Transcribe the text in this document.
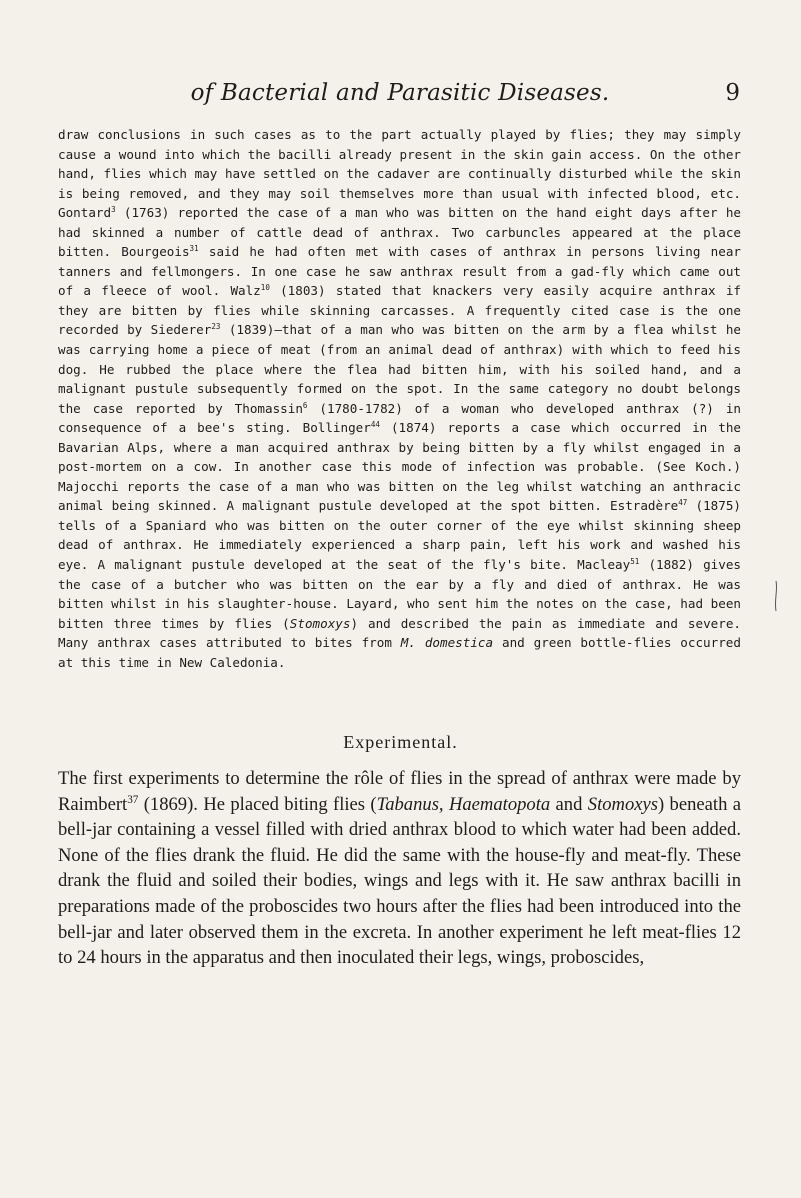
of Bacterial and Parasitic Diseases.	9

draw conclusions in such cases as to the part actually played by flies; they may simply cause a wound into which the bacilli already present in the skin gain access. On the other hand, flies which may have settled on the cadaver are continually disturbed while the skin is being removed, and they may soil themselves more than usual with infected blood, etc. Gontard$^3$ (1763) reported the case of a man who was bitten on the hand eight days after he had skinned a number of cattle dead of anthrax. Two carbuncles appeared at the place bitten. Bourgeois$^{31}$ said he had often met with cases of anthrax in persons living near tanners and fellmongers. In one case he saw anthrax result from a gad-fly which came out of a fleece of wool. Walz$^{10}$ (1803) stated that knackers very easily acquire anthrax if they are bitten by flies while skinning carcasses. A frequently cited case is the one recorded by Siederer$^{23}$ (1839)—that of a man who was bitten on the arm by a flea whilst he was carrying home a piece of meat (from an animal dead of anthrax) with which to feed his dog. He rubbed the place where the flea had bitten him, with his soiled hand, and a malignant pustule subsequently formed on the spot. In the same category no doubt belongs the case reported by Thomassin$^6$ (1780-1782) of a woman who developed anthrax (?) in consequence of a bee's sting. Bollinger$^{44}$ (1874) reports a case which occurred in the Bavarian Alps, where a man acquired anthrax by being bitten by a fly whilst engaged in a post-mortem on a cow. In another case this mode of infection was probable. (See Koch.) Majocchi reports the case of a man who was bitten on the leg whilst watching an anthracic animal being skinned. A malignant pustule developed at the spot bitten. Estradère$^{47}$ (1875) tells of a Spaniard who was bitten on the outer corner of the eye whilst skinning sheep dead of anthrax. He immediately experienced a sharp pain, left his work and washed his eye. A malignant pustule developed at the seat of the fly's bite. Macleay$^{51}$ (1882) gives the case of a butcher who was bitten on the ear by a fly and died of anthrax. He was bitten whilst in his slaughter-house. Layard, who sent him the notes on the case, had been bitten three times by flies (Stomoxys) and described the pain as immediate and severe. Many anthrax cases attributed to bites from M. domestica and green bottle-flies occurred at this time in New Caledonia.

Experimental.

The first experiments to determine the rôle of flies in the spread of anthrax were made by Raimbert$^{37}$ (1869). He placed biting flies (Tabanus, Haematopota and Stomoxys) beneath a bell-jar containing a vessel filled with dried anthrax blood to which water had been added. None of the flies drank the fluid. He did the same with the house-fly and meat-fly. These drank the fluid and soiled their bodies, wings and legs with it. He saw anthrax bacilli in preparations made of the proboscides two hours after the flies had been introduced into the bell-jar and later observed them in the excreta. In another experiment he left meat-flies 12 to 24 hours in the apparatus and then inoculated their legs, wings, proboscides,
